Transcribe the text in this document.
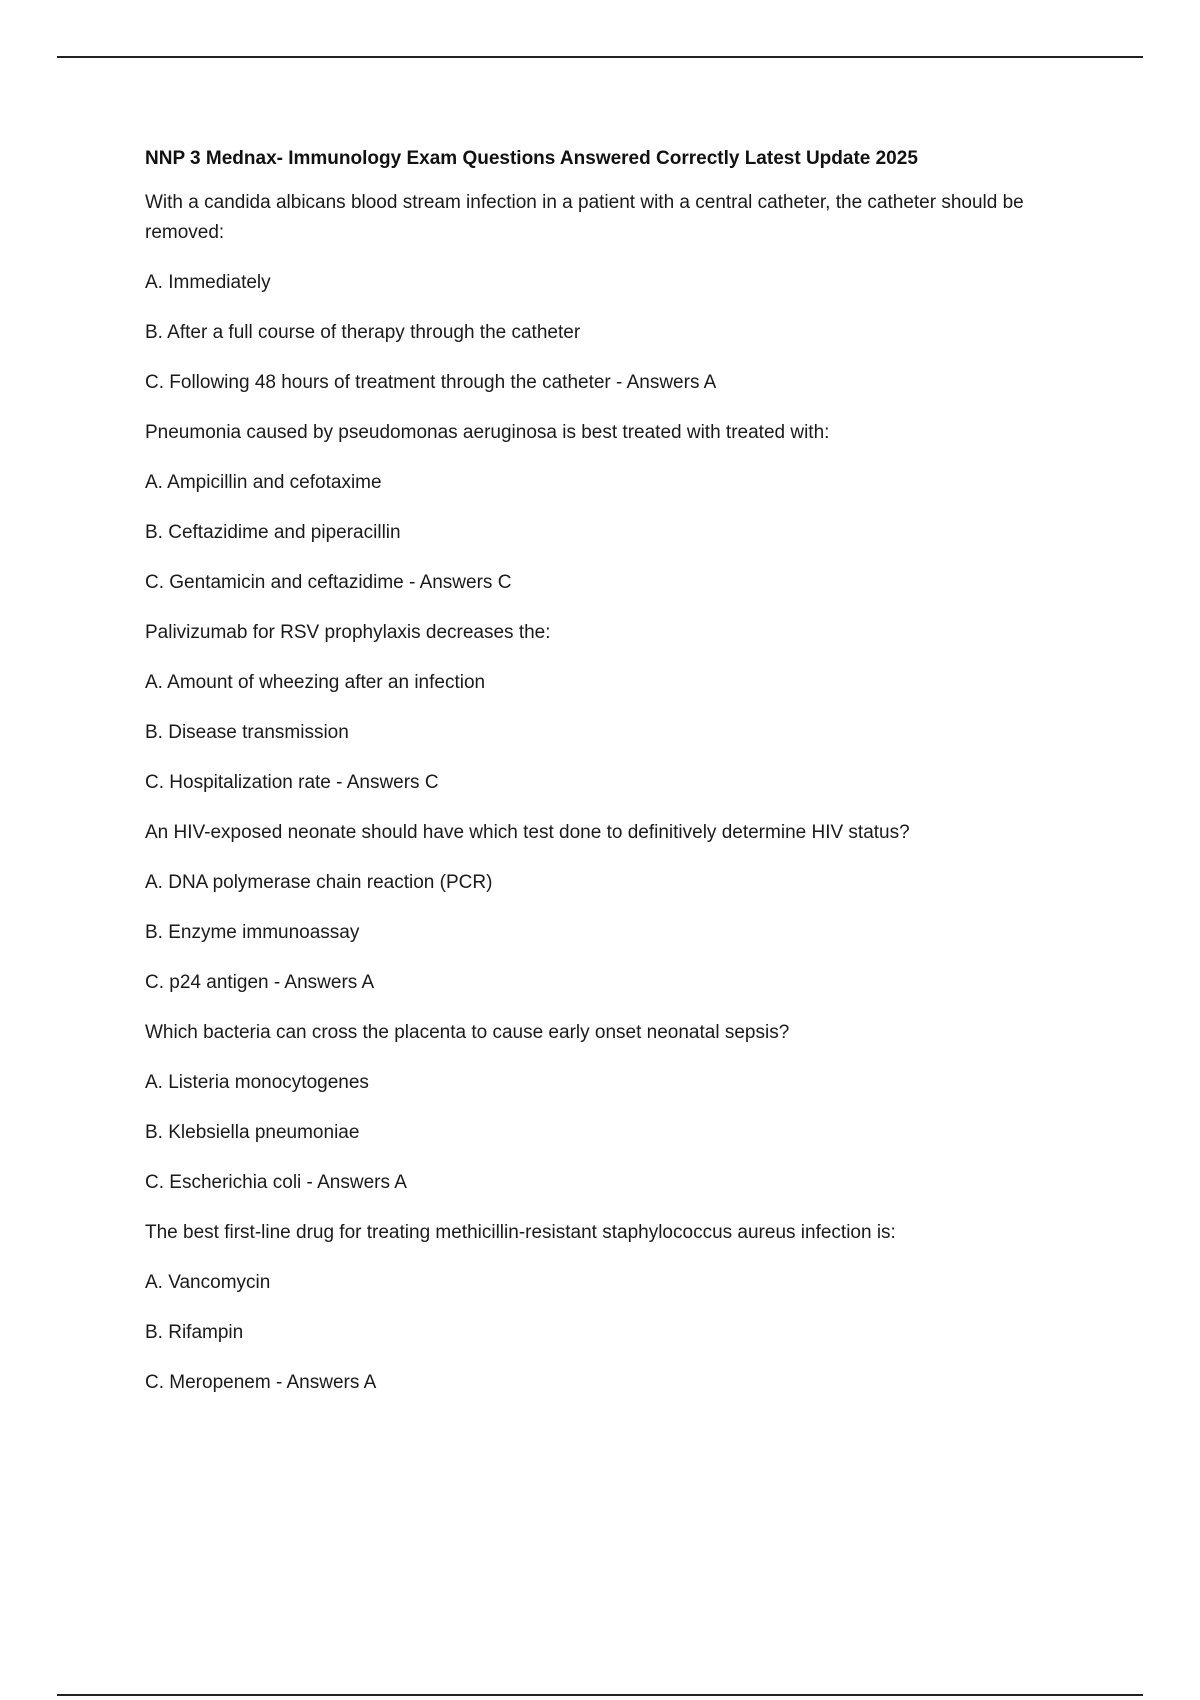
NNP 3 Mednax- Immunology Exam Questions Answered Correctly Latest Update 2025
With a candida albicans blood stream infection in a patient with a central catheter, the catheter should be removed:
A. Immediately
B. After a full course of therapy through the catheter
C. Following 48 hours of treatment through the catheter - Answers A
Pneumonia caused by pseudomonas aeruginosa is best treated with treated with:
A. Ampicillin and cefotaxime
B. Ceftazidime and piperacillin
C. Gentamicin and ceftazidime - Answers C
Palivizumab for RSV prophylaxis decreases the:
A. Amount of wheezing after an infection
B. Disease transmission
C. Hospitalization rate - Answers C
An HIV-exposed neonate should have which test done to definitively determine HIV status?
A. DNA polymerase chain reaction (PCR)
B. Enzyme immunoassay
C. p24 antigen - Answers A
Which bacteria can cross the placenta to cause early onset neonatal sepsis?
A. Listeria monocytogenes
B. Klebsiella pneumoniae
C. Escherichia coli - Answers A
The best first-line drug for treating methicillin-resistant staphylococcus aureus infection is:
A. Vancomycin
B. Rifampin
C. Meropenem - Answers A
